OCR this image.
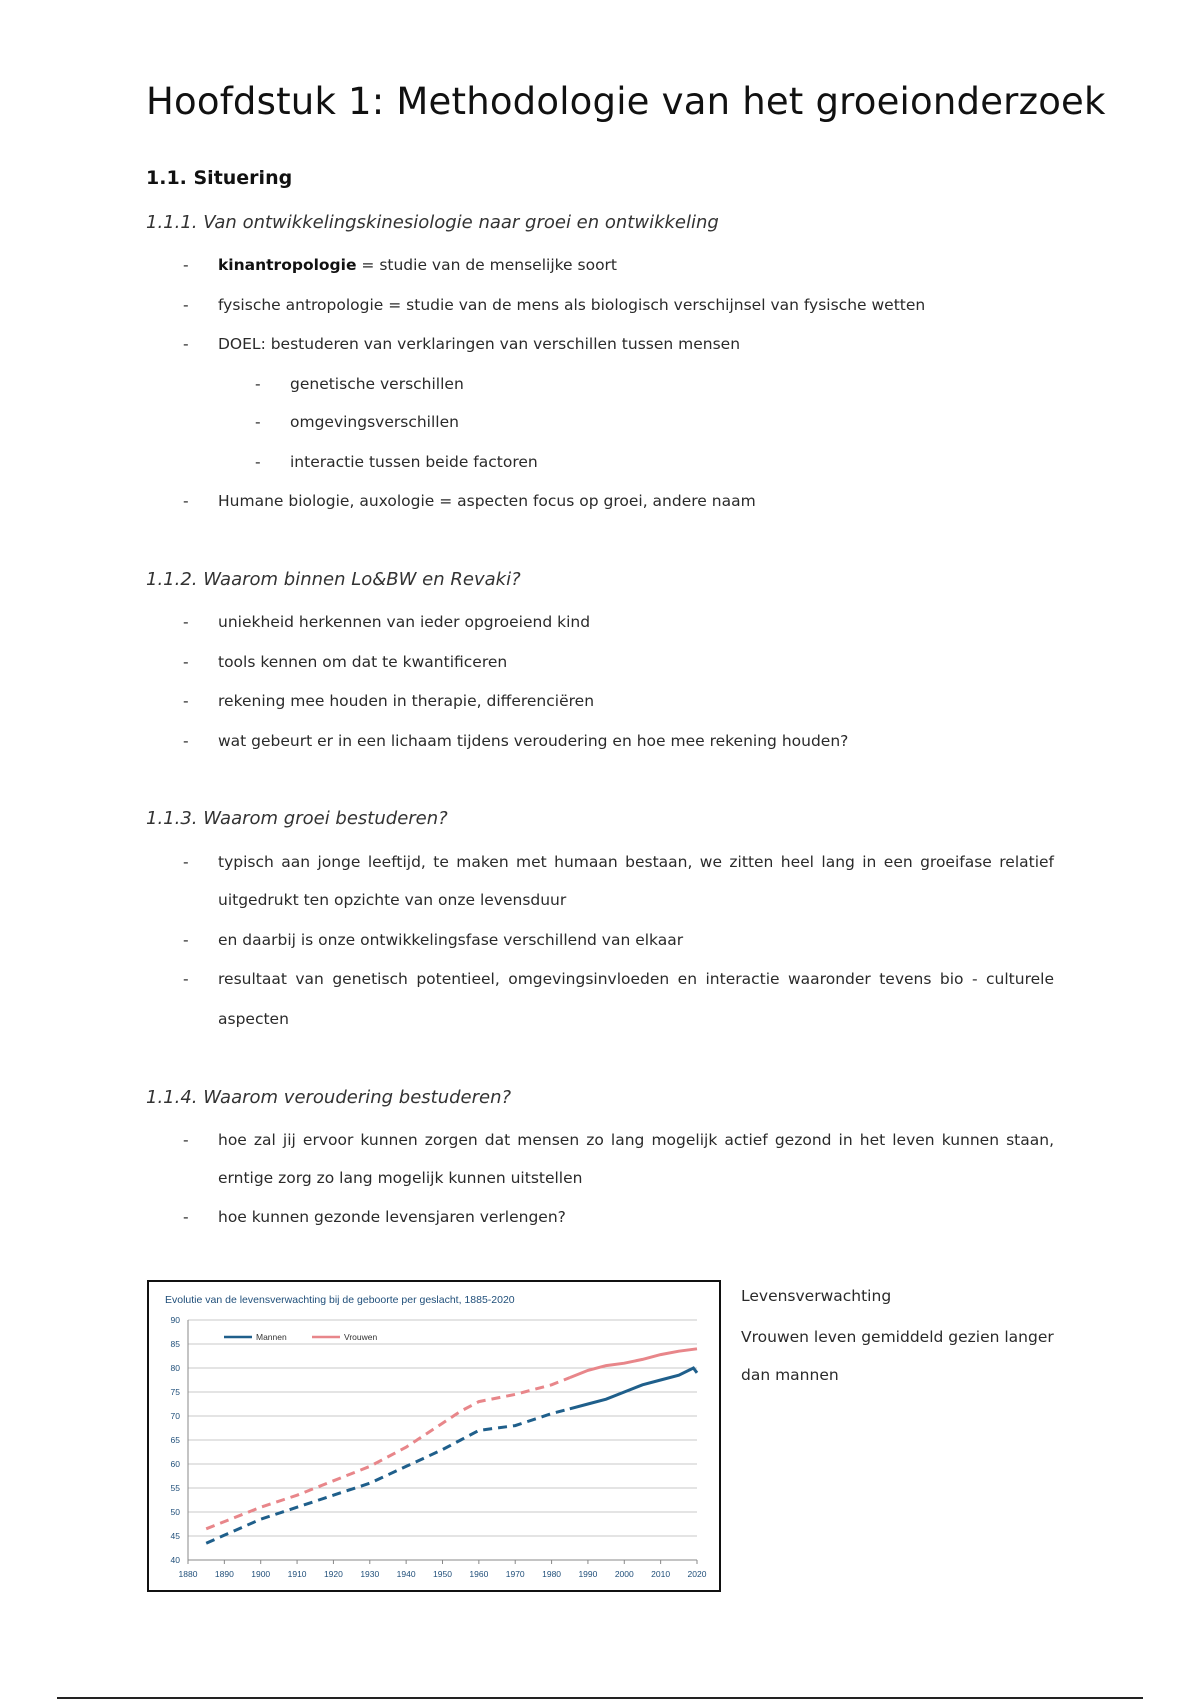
Hoofdstuk 1: Methodologie van het groeionderzoek
1.1. Situering
1.1.1. Van ontwikkelingskinesiologie naar groei en ontwikkeling
- kinantropologie = studie van de menselijke soort
- fysische antropologie = studie van de mens als biologisch verschijnsel van fysische wetten
- DOEL: bestuderen van verklaringen van verschillen tussen mensen
- genetische verschillen
- omgevingsverschillen
- interactie tussen beide factoren
- Humane biologie, auxologie = aspecten focus op groei, andere naam
1.1.2. Waarom binnen Lo&BW en Revaki?
- uniekheid herkennen van ieder opgroeiend kind
- tools kennen om dat te kwantificeren
- rekening mee houden in therapie, differenciëren
- wat gebeurt er in een lichaam tijdens veroudering en hoe mee rekening houden?
1.1.3. Waarom groei bestuderen?
- typisch aan jonge leeftijd, te maken met humaan bestaan, we zitten heel lang in een groeifase relatief
uitgedrukt ten opzichte van onze levensduur
- en daarbij is onze ontwikkelingsfase verschillend van elkaar
- resultaat van genetisch potentieel, omgevingsinvloeden en interactie waaronder tevens bio - culturele
aspecten
1.1.4. Waarom veroudering bestuderen?
- hoe zal jij ervoor kunnen zorgen dat mensen zo lang mogelijk actief gezond in het leven kunnen staan,
erntige zorg zo lang mogelijk kunnen uitstellen
- hoe kunnen gezonde levensjaren verlengen?
Evolutie van de levensverwachting bij de geboorte per geslacht, 1885-2020
40
45
50
55
60
65
70
75
80
85
90
1880 1890 1900 1910 1920 1930 1940 1950 1960 1970 1980 1990 2000 2010 2020
Mannen	Vrouwen
Levensverwachting
Vrouwen leven gemiddeld gezien langer
dan mannen
